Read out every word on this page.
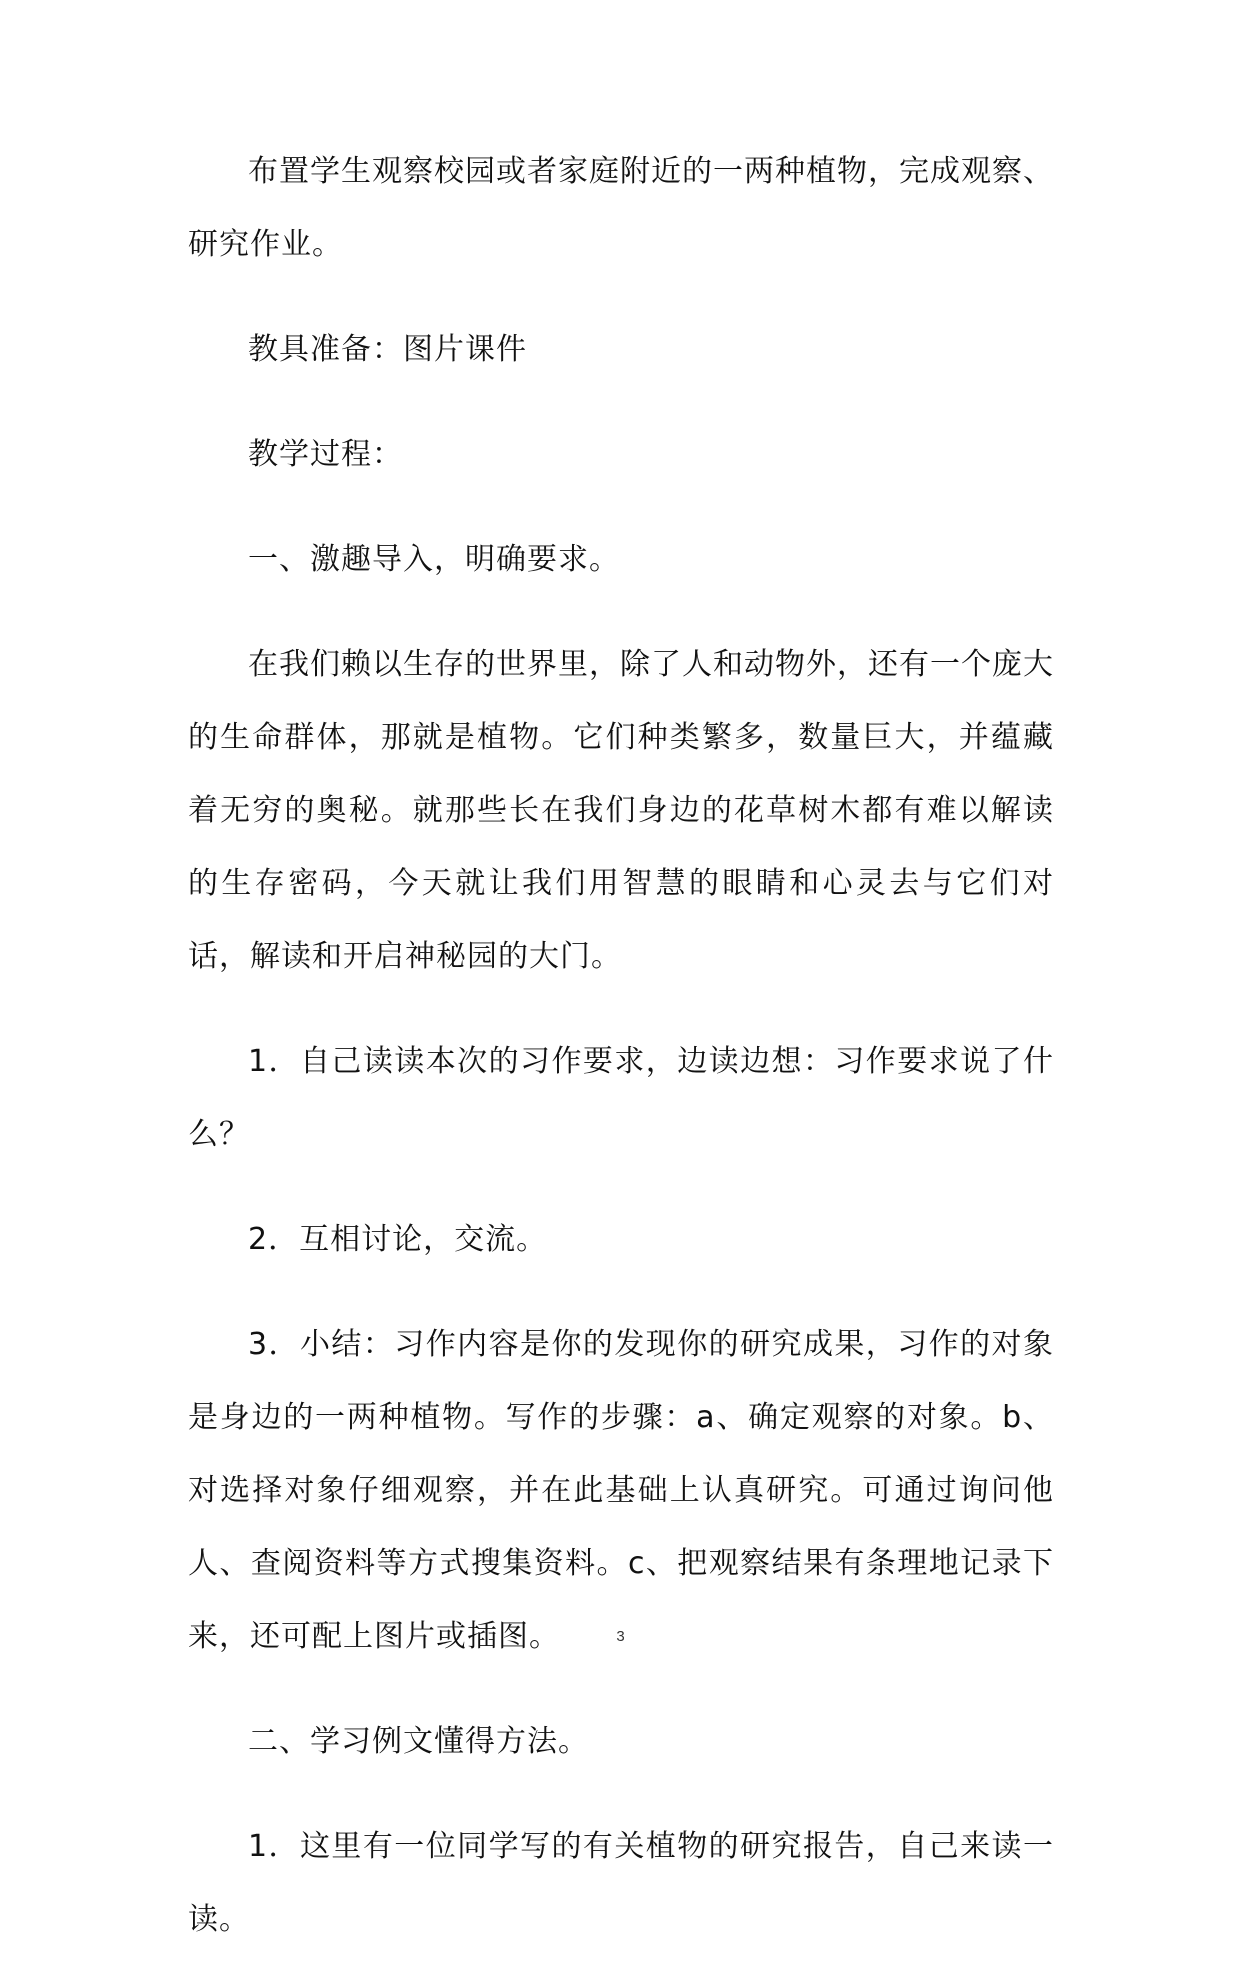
布置学生观察校园或者家庭附近的一两种植物，完成观察、研究作业。

教具准备：图片课件

教学过程：

一、激趣导入，明确要求。

在我们赖以生存的世界里，除了人和动物外，还有一个庞大的生命群体，那就是植物。它们种类繁多，数量巨大，并蕴藏着无穷的奥秘。就那些长在我们身边的花草树木都有难以解读的生存密码，今天就让我们用智慧的眼睛和心灵去与它们对话，解读和开启神秘园的大门。

1．自己读读本次的习作要求，边读边想：习作要求说了什么？

2．互相讨论，交流。

3．小结：习作内容是你的发现你的研究成果，习作的对象是身边的一两种植物。写作的步骤：a、确定观察的对象。b、对选择对象仔细观察，并在此基础上认真研究。可通过询问他人、查阅资料等方式搜集资料。c、把观察结果有条理地记录下来，还可配上图片或插图。

二、学习例文懂得方法。

1．这里有一位同学写的有关植物的研究报告，自己来读一读。

3
